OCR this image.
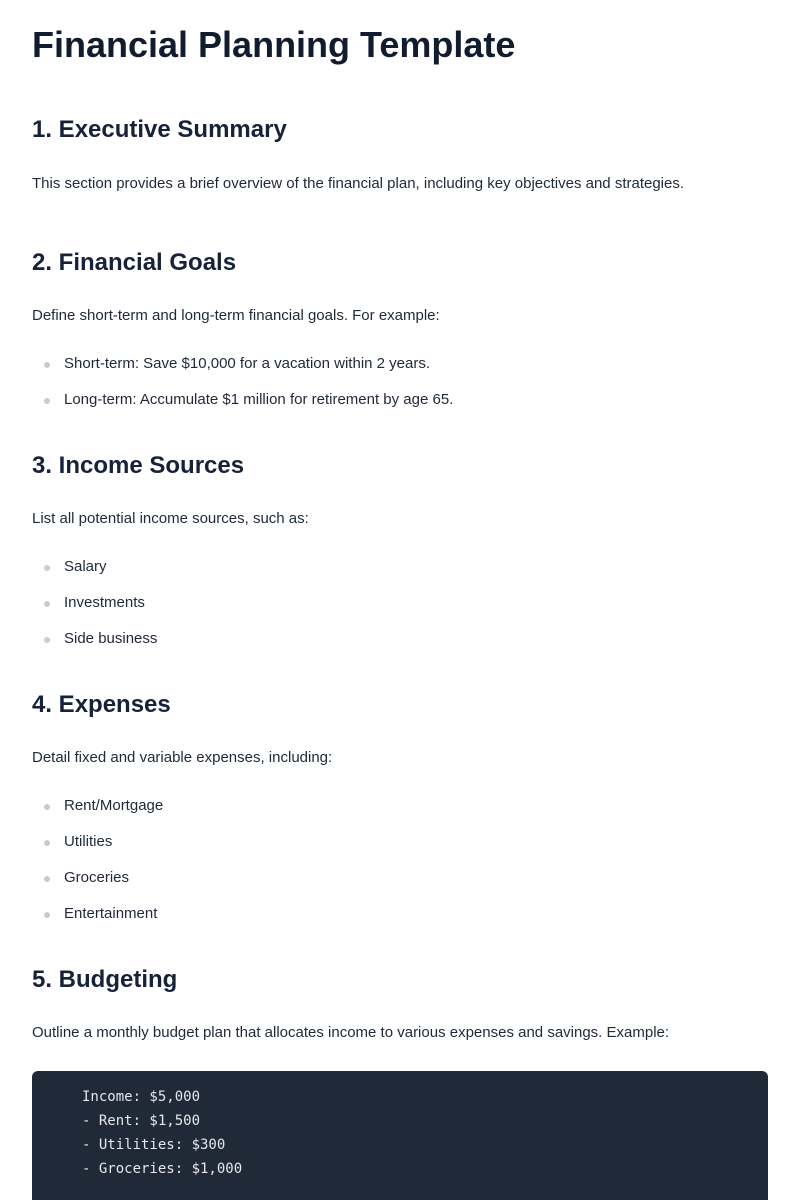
Financial Planning Template
1. Executive Summary

This section provides a brief overview of the financial plan, including key objectives and strategies.

2. Financial Goals

Define short-term and long-term financial goals. For example:

Short-term: Save $10,000 for a vacation within 2 years.
Long-term: Accumulate $1 million for retirement by age 65.
3. Income Sources

List all potential income sources, such as:

Salary
Investments
Side business
4. Expenses

Detail fixed and variable expenses, including:

Rent/Mortgage
Utilities
Groceries
Entertainment
5. Budgeting

Outline a monthly budget plan that allocates income to various expenses and savings. Example:

Income: $5,000
- Rent: $1,500
- Utilities: $300
- Groceries: $1,000
